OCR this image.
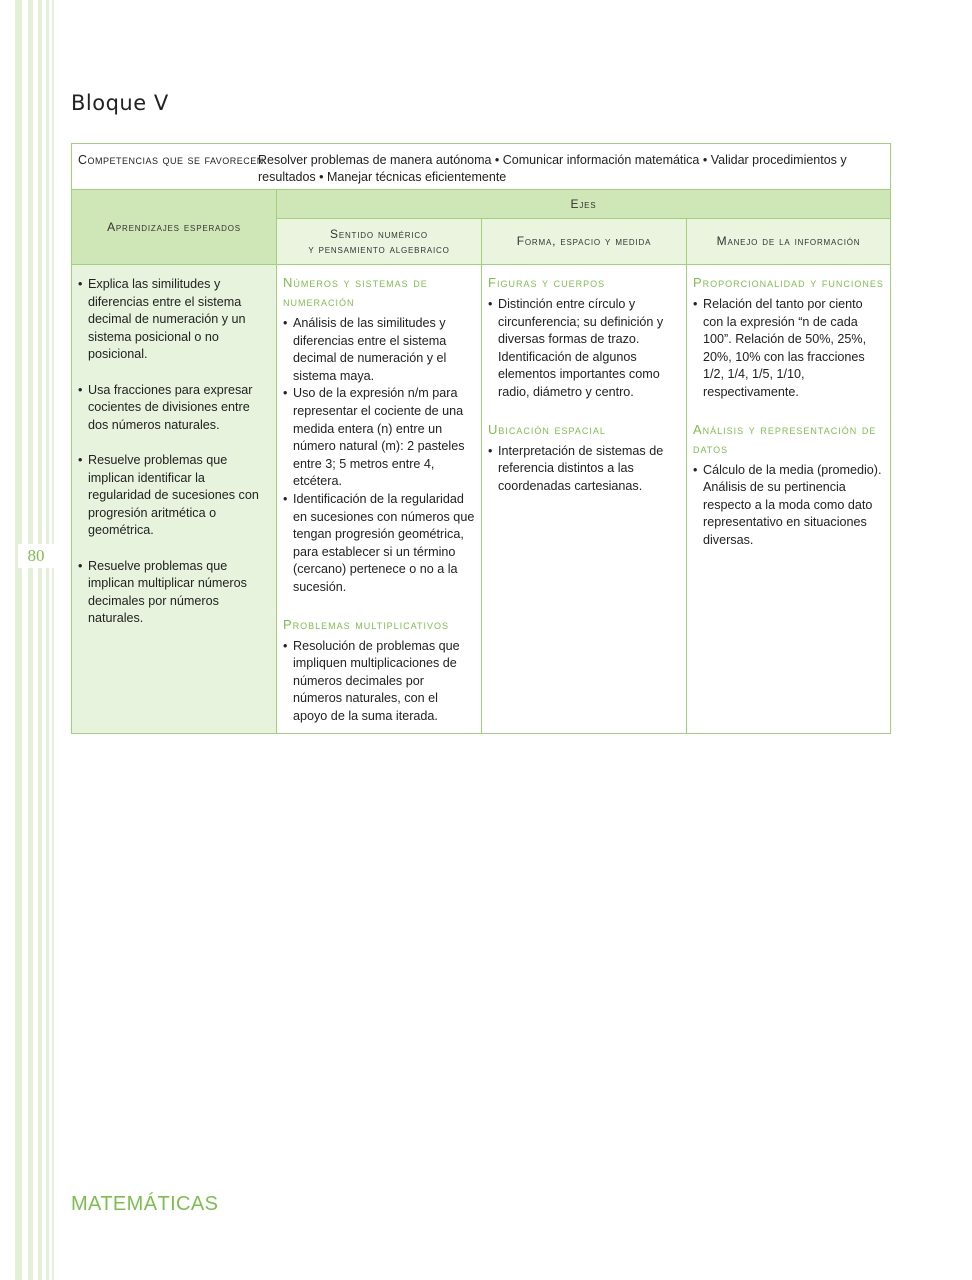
80
Bloque V
Competencias que se favorecen:
Resolver problemas de manera autónoma • Comunicar información matemática • Validar procedimientos y resultados • Manejar técnicas eficientemente
Aprendizajes esperados
Ejes
Sentido numérico
y pensamiento algebraico
Forma, espacio y medida	Manejo de la información
• Explica las similitudes y diferencias entre el sistema decimal de numeración y un sistema posicional o no posicional.
• Usa fracciones para expresar cocientes de divisiones entre dos números naturales.
• Resuelve problemas que implican identificar la regularidad de sucesiones con progresión aritmética o geométrica.
• Resuelve problemas que implican multiplicar números decimales por números naturales.
Números y sistemas de numeración
• Análisis de las similitudes y diferencias entre el sistema decimal de numeración y el sistema maya.
• Uso de la expresión n/m para representar el cociente de una medida entera (n) entre un número natural (m): 2 pasteles entre 3; 5 metros entre 4, etcétera.
• Identificación de la regularidad en sucesiones con números que tengan progresión geométrica, para establecer si un término (cercano) pertenece o no a la sucesión.
Problemas multiplicativos
• Resolución de problemas que impliquen multiplicaciones de números decimales por números naturales, con el apoyo de la suma iterada.
Figuras y cuerpos
• Distinción entre círculo y circunferencia; su definición y diversas formas de trazo. Identificación de algunos elementos importantes como radio, diámetro y centro.
Ubicación espacial
• Interpretación de sistemas de referencia distintos a las coordenadas cartesianas.
Proporcionalidad y funciones
• Relación del tanto por ciento con la expresión “n de cada 100”. Relación de 50%, 25%, 20%, 10% con las fracciones 1/2, 1/4, 1/5, 1/10, respectivamente.
Análisis y representación de datos
• Cálculo de la media (promedio). Análisis de su pertinencia respecto a la moda como dato representativo en situaciones diversas.
MATEMÁTICAS
